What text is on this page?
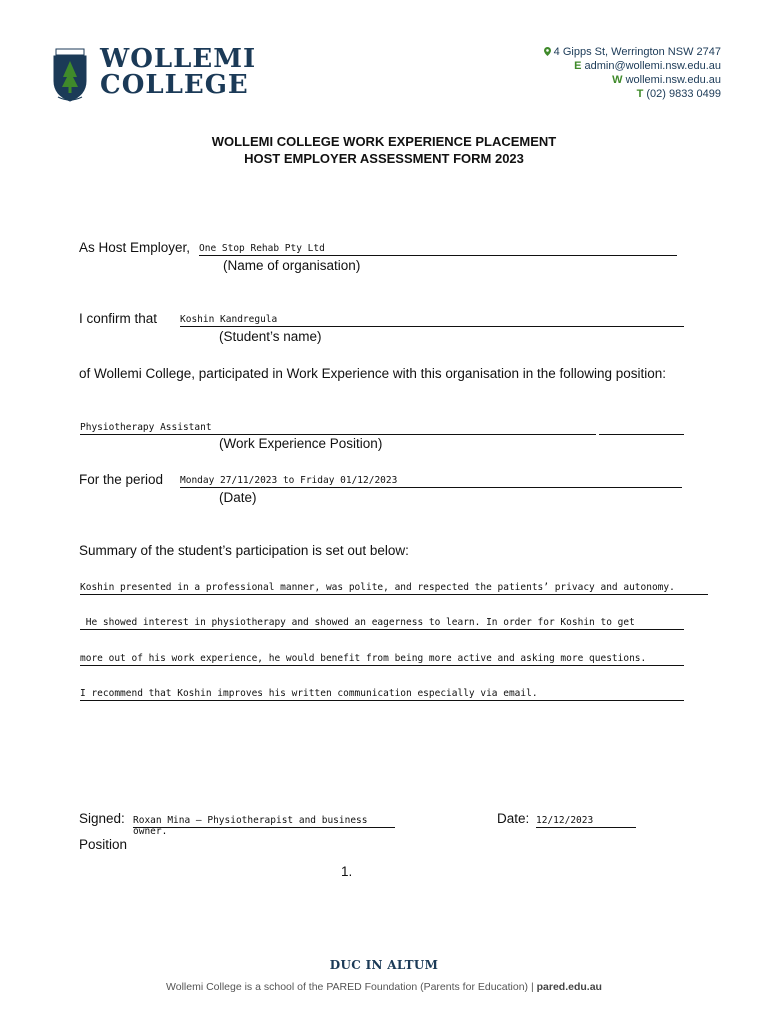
WOLLEMI
COLLEGE
4 Gipps St, Werrington NSW 2747
E admin@wollemi.nsw.edu.au
W wollemi.nsw.edu.au
T (02) 9833 0499
WOLLEMI COLLEGE WORK EXPERIENCE PLACEMENT
HOST EMPLOYER ASSESSMENT FORM 2023
As Host Employer, One Stop Rehab Pty Ltd
(Name of organisation)
I confirm that Koshin Kandregula
(Student’s name)
of Wollemi College, participated in Work Experience with this organisation in the following position:
Physiotherapy Assistant
(Work Experience Position)
For the period Monday 27/11/2023 to Friday 01/12/2023
(Date)
Summary of the student’s participation is set out below:
Koshin presented in a professional manner, was polite, and respected the patients’ privacy and autonomy.
He showed interest in physiotherapy and showed an eagerness to learn. In order for Koshin to get
more out of his work experience, he would benefit from being more active and asking more questions.
I recommend that Koshin improves his written communication especially via email.
Signed: Roxan Mina – Physiotherapist and business
owner.
Position
Date: 12/12/2023
1.
DUC IN ALTUM
Wollemi College is a school of the PARED Foundation (Parents for Education) | pared.edu.au
